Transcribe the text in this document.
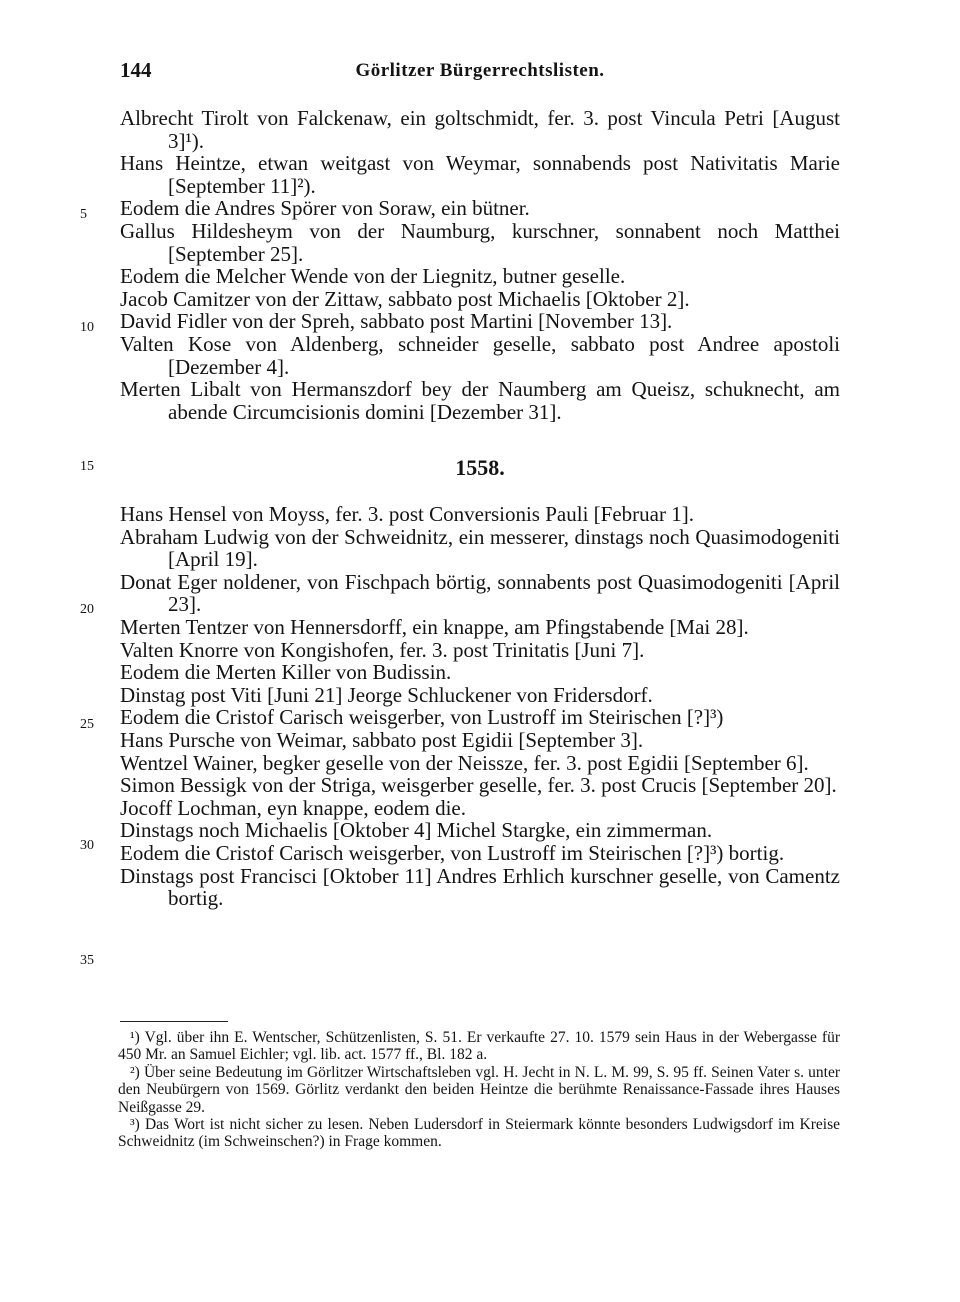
144	Görlitzer Bürgerrechtslisten.
5
10
15
20
25
30
35
Albrecht Tirolt von Falckenaw, ein goltschmidt, fer. 3. post Vincula Petri [August 3]¹).
Hans Heintze, etwan weitgast von Weymar, sonnabends post Nativitatis Marie [September 11]²).
Eodem die Andres Spörer von Soraw, ein bütner.
Gallus Hildesheym von der Naumburg, kurschner, sonnabent noch Matthei [September 25].
Eodem die Melcher Wende von der Liegnitz, butner geselle.
Jacob Camitzer von der Zittaw, sabbato post Michaelis [Oktober 2].
David Fidler von der Spreh, sabbato post Martini [November 13].
Valten Kose von Aldenberg, schneider geselle, sabbato post Andree apostoli [Dezember 4].
Merten Libalt von Hermanszdorf bey der Naumberg am Queisz, schuknecht, am abende Circumcisionis domini [Dezember 31].
1558.
Hans Hensel von Moyss, fer. 3. post Conversionis Pauli [Februar 1].
Abraham Ludwig von der Schweidnitz, ein messerer, dinstags noch Quasimodogeniti [April 19].
Donat Eger noldener, von Fischpach börtig, sonnabents post Quasimodogeniti [April 23].
Merten Tentzer von Hennersdorff, ein knappe, am Pfingstabende [Mai 28].
Valten Knorre von Kongishofen, fer. 3. post Trinitatis [Juni 7].
Eodem die Merten Killer von Budissin.
Dinstag post Viti [Juni 21] Jeorge Schluckener von Fridersdorf.
Eodem die Cristof Carisch weisgerber, von Lustroff im Steirischen [?]³)
Hans Pursche von Weimar, sabbato post Egidii [September 3].
Wentzel Wainer, begker geselle von der Neissze, fer. 3. post Egidii [September 6].
Simon Bessigk von der Striga, weisgerber geselle, fer. 3. post Crucis [September 20].
Jocoff Lochman, eyn knappe, eodem die.
Dinstags noch Michaelis [Oktober 4] Michel Stargke, ein zimmerman.
Eodem die Cristof Carisch weisgerber, von Lustroff im Steirischen [?]³) bortig.
Dinstags post Francisci [Oktober 11] Andres Erhlich kurschner geselle, von Camentz bortig.
¹) Vgl. über ihn E. Wentscher, Schützenlisten, S. 51. Er verkaufte 27. 10. 1579 sein Haus in der Webergasse für 450 Mr. an Samuel Eichler; vgl. lib. act. 1577 ff., Bl. 182 a.
²) Über seine Bedeutung im Görlitzer Wirtschaftsleben vgl. H. Jecht in N. L. M. 99, S. 95 ff. Seinen Vater s. unter den Neubürgern von 1569. Görlitz verdankt den beiden Heintze die berühmte Renaissance-Fassade ihres Hauses Neißgasse 29.
³) Das Wort ist nicht sicher zu lesen. Neben Ludersdorf in Steiermark könnte besonders Ludwigsdorf im Kreise Schweidnitz (im Schweinschen?) in Frage kommen.
